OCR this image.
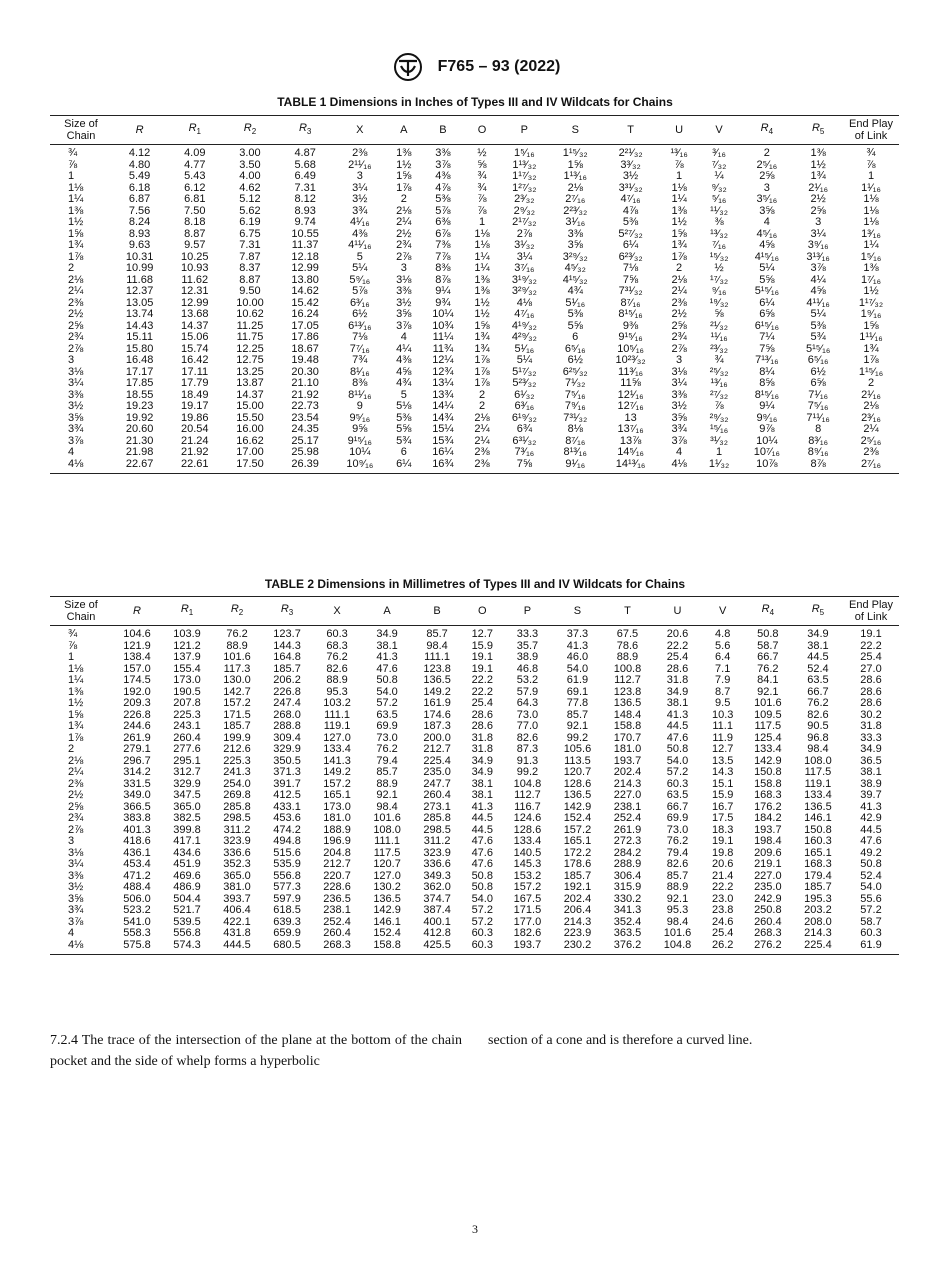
F765 – 93 (2022)
TABLE 1 Dimensions in Inches of Types III and IV Wildcats for Chains
Size of Chain	R	$R_1$	$R_2$	$R_3$	X	A	B	O	P	S	T	U	V	$R_4$	$R_5$	End Play of Link
¾	4.12	4.09	3.00	4.87	2⅜	1⅜	3⅜	½	1⁵⁄₁₆	1¹⁵⁄₃₂	2²¹⁄₃₂	¹³⁄₁₆	³⁄₁₆	2	1⅜	¾
⅞	4.80	4.77	3.50	5.68	2¹¹⁄₁₆	1½	3⅞	⅝	1¹³⁄₃₂	1⅝	3³⁄₃₂	⅞	⁷⁄₃₂	2⁵⁄₁₆	1½	⅞
1	5.49	5.43	4.00	6.49	3	1⅝	4⅜	¾	1¹⁷⁄₃₂	1¹³⁄₁₆	3½	1	¼	2⅝	1¾	1
1⅛	6.18	6.12	4.62	7.31	3¼	1⅞	4⅞	¾	1²⁷⁄₃₂	2⅛	3³¹⁄₃₂	1⅛	⁹⁄₃₂	3	2¹⁄₁₆	1¹⁄₁₆
1¼	6.87	6.81	5.12	8.12	3½	2	5⅜	⅞	2³⁄₃₂	2⁷⁄₁₆	4⁷⁄₁₆	1¼	⁵⁄₁₆	3⁵⁄₁₆	2½	1⅛
1⅜	7.56	7.50	5.62	8.93	3¾	2⅛	5⅞	⅞	2⁹⁄₃₂	2²³⁄₃₂	4⅞	1⅜	¹¹⁄₃₂	3⅝	2⅝	1⅛
1½	8.24	8.18	6.19	9.74	4¹⁄₁₆	2¼	6⅜	1	2¹⁷⁄₃₂	3¹⁄₁₆	5⅜	1½	⅜	4	3	1⅛
1⅝	8.93	8.87	6.75	10.55	4⅜	2½	6⅞	1⅛	2⅞	3⅜	5²⁷⁄₃₂	1⅝	¹³⁄₃₂	4⁵⁄₁₆	3¼	1³⁄₁₆
1¾	9.63	9.57	7.31	11.37	4¹¹⁄₁₆	2¾	7⅜	1⅛	3¹⁄₃₂	3⅝	6¼	1¾	⁷⁄₁₆	4⅝	3⁹⁄₁₆	1¼
1⅞	10.31	10.25	7.87	12.18	5	2⅞	7⅞	1¼	3¼	3²⁹⁄₃₂	6²³⁄₃₂	1⅞	¹⁵⁄₃₂	4¹⁵⁄₁₆	3¹³⁄₁₆	1⁵⁄₁₆
2	10.99	10.93	8.37	12.99	5¼	3	8⅜	1¼	3⁷⁄₁₆	4⁵⁄₃₂	7⅛	2	½	5¼	3⅞	1⅜
2⅛	11.68	11.62	8.87	13.80	5⁹⁄₁₆	3⅛	8⅞	1⅜	3¹⁹⁄₃₂	4¹⁵⁄₃₂	7⅝	2⅛	¹⁷⁄₃₂	5⅝	4¼	1⁷⁄₁₆
2¼	12.37	12.31	9.50	14.62	5⅞	3⅜	9¼	1⅜	3²⁹⁄₃₂	4¾	7³¹⁄₃₂	2¼	⁹⁄₁₆	5¹⁵⁄₁₆	4⅝	1½
2⅜	13.05	12.99	10.00	15.42	6³⁄₁₆	3½	9¾	1½	4⅛	5¹⁄₁₆	8⁷⁄₁₆	2⅜	¹⁹⁄₃₂	6¼	4¹¹⁄₁₆	1¹⁷⁄₃₂
2½	13.74	13.68	10.62	16.24	6½	3⅝	10¼	1½	4⁷⁄₁₆	5⅜	8¹⁵⁄₁₆	2½	⅝	6⅝	5¼	1⁹⁄₁₆
2⅝	14.43	14.37	11.25	17.05	6¹³⁄₁₆	3⅞	10¾	1⅝	4¹⁹⁄₃₂	5⅝	9⅜	2⅝	²¹⁄₃₂	6¹⁵⁄₁₆	5⅜	1⅝
2¾	15.11	15.06	11.75	17.86	7⅛	4	11¼	1¾	4²⁹⁄₃₂	6	9¹⁵⁄₁₆	2¾	¹¹⁄₁₆	7¼	5¾	1¹¹⁄₁₆
2⅞	15.80	15.74	12.25	18.67	7⁷⁄₁₆	4¼	11¾	1¾	5¹⁄₁₆	6⁵⁄₁₆	10⁵⁄₁₆	2⅞	²³⁄₃₂	7⅝	5¹⁵⁄₁₆	1¾
3	16.48	16.42	12.75	19.48	7¾	4⅜	12¼	1⅞	5¼	6½	10²³⁄₃₂	3	¾	7¹³⁄₁₆	6⁵⁄₁₆	1⅞
3⅛	17.17	17.11	13.25	20.30	8¹⁄₁₆	4⅝	12¾	1⅞	5¹⁷⁄₃₂	6²⁵⁄₃₂	11³⁄₁₆	3⅛	²⁵⁄₃₂	8¼	6½	1¹⁵⁄₁₆
3¼	17.85	17.79	13.87	21.10	8⅜	4¾	13¼	1⅞	5²³⁄₃₂	7¹⁄₃₂	11⅝	3¼	¹³⁄₁₆	8⅝	6⅝	2
3⅜	18.55	18.49	14.37	21.92	8¹¹⁄₁₆	5	13¾	2	6¹⁄₃₂	7⁵⁄₁₆	12¹⁄₁₆	3⅜	²⁷⁄₃₂	8¹⁵⁄₁₆	7¹⁄₁₆	2¹⁄₁₆
3½	19.23	19.17	15.00	22.73	9	5⅛	14¼	2	6³⁄₁₆	7⁹⁄₁₆	12⁷⁄₁₆	3½	⅞	9¼	7⁵⁄₁₆	2⅛
3⅝	19.92	19.86	15.50	23.54	9⁵⁄₁₆	5⅜	14¾	2⅛	6¹⁹⁄₃₂	7³¹⁄₃₂	13	3⅝	²⁹⁄₃₂	9⁹⁄₁₆	7¹¹⁄₁₆	2³⁄₁₆
3¾	20.60	20.54	16.00	24.35	9⅝	5⅝	15¼	2¼	6¾	8⅛	13⁷⁄₁₆	3¾	¹⁵⁄₁₆	9⅞	8	2¼
3⅞	21.30	21.24	16.62	25.17	9¹⁵⁄₁₆	5¾	15¾	2¼	6³¹⁄₃₂	8⁷⁄₁₆	13⅞	3⅞	³¹⁄₃₂	10¼	8³⁄₁₆	2⁵⁄₁₆
4	21.98	21.92	17.00	25.98	10¼	6	16¼	2⅜	7³⁄₁₆	8¹³⁄₁₆	14⁵⁄₁₆	4	1	10⁷⁄₁₆	8⁹⁄₁₆	2⅜
4⅛	22.67	22.61	17.50	26.39	10⁹⁄₁₆	6¼	16¾	2⅜	7⅝	9¹⁄₁₆	14¹³⁄₁₆	4⅛	1¹⁄₃₂	10⅞	8⅞	2⁷⁄₁₆
TABLE 2 Dimensions in Millimetres of Types III and IV Wildcats for Chains
Size of Chain	R	$R_1$	$R_2$	$R_3$	X	A	B	O	P	S	T	U	V	$R_4$	$R_5$	End Play of Link
¾	104.6	103.9	76.2	123.7	60.3	34.9	85.7	12.7	33.3	37.3	67.5	20.6	4.8	50.8	34.9	19.1
⅞	121.9	121.2	88.9	144.3	68.3	38.1	98.4	15.9	35.7	41.3	78.6	22.2	5.6	58.7	38.1	22.2
1	138.4	137.9	101.6	164.8	76.2	41.3	111.1	19.1	38.9	46.0	88.9	25.4	6.4	66.7	44.5	25.4
1⅛	157.0	155.4	117.3	185.7	82.6	47.6	123.8	19.1	46.8	54.0	100.8	28.6	7.1	76.2	52.4	27.0
1¼	174.5	173.0	130.0	206.2	88.9	50.8	136.5	22.2	53.2	61.9	112.7	31.8	7.9	84.1	63.5	28.6
1⅜	192.0	190.5	142.7	226.8	95.3	54.0	149.2	22.2	57.9	69.1	123.8	34.9	8.7	92.1	66.7	28.6
1½	209.3	207.8	157.2	247.4	103.2	57.2	161.9	25.4	64.3	77.8	136.5	38.1	9.5	101.6	76.2	28.6
1⅝	226.8	225.3	171.5	268.0	111.1	63.5	174.6	28.6	73.0	85.7	148.4	41.3	10.3	109.5	82.6	30.2
1¾	244.6	243.1	185.7	288.8	119.1	69.9	187.3	28.6	77.0	92.1	158.8	44.5	11.1	117.5	90.5	31.8
1⅞	261.9	260.4	199.9	309.4	127.0	73.0	200.0	31.8	82.6	99.2	170.7	47.6	11.9	125.4	96.8	33.3
2	279.1	277.6	212.6	329.9	133.4	76.2	212.7	31.8	87.3	105.6	181.0	50.8	12.7	133.4	98.4	34.9
2⅛	296.7	295.1	225.3	350.5	141.3	79.4	225.4	34.9	91.3	113.5	193.7	54.0	13.5	142.9	108.0	36.5
2¼	314.2	312.7	241.3	371.3	149.2	85.7	235.0	34.9	99.2	120.7	202.4	57.2	14.3	150.8	117.5	38.1
2⅜	331.5	329.9	254.0	391.7	157.2	88.9	247.7	38.1	104.8	128.6	214.3	60.3	15.1	158.8	119.1	38.9
2½	349.0	347.5	269.8	412.5	165.1	92.1	260.4	38.1	112.7	136.5	227.0	63.5	15.9	168.3	133.4	39.7
2⅝	366.5	365.0	285.8	433.1	173.0	98.4	273.1	41.3	116.7	142.9	238.1	66.7	16.7	176.2	136.5	41.3
2¾	383.8	382.5	298.5	453.6	181.0	101.6	285.8	44.5	124.6	152.4	252.4	69.9	17.5	184.2	146.1	42.9
2⅞	401.3	399.8	311.2	474.2	188.9	108.0	298.5	44.5	128.6	157.2	261.9	73.0	18.3	193.7	150.8	44.5
3	418.6	417.1	323.9	494.8	196.9	111.1	311.2	47.6	133.4	165.1	272.3	76.2	19.1	198.4	160.3	47.6
3⅛	436.1	434.6	336.6	515.6	204.8	117.5	323.9	47.6	140.5	172.2	284.2	79.4	19.8	209.6	165.1	49.2
3¼	453.4	451.9	352.3	535.9	212.7	120.7	336.6	47.6	145.3	178.6	288.9	82.6	20.6	219.1	168.3	50.8
3⅜	471.2	469.6	365.0	556.8	220.7	127.0	349.3	50.8	153.2	185.7	306.4	85.7	21.4	227.0	179.4	52.4
3½	488.4	486.9	381.0	577.3	228.6	130.2	362.0	50.8	157.2	192.1	315.9	88.9	22.2	235.0	185.7	54.0
3⅝	506.0	504.4	393.7	597.9	236.5	136.5	374.7	54.0	167.5	202.4	330.2	92.1	23.0	242.9	195.3	55.6
3¾	523.2	521.7	406.4	618.5	238.1	142.9	387.4	57.2	171.5	206.4	341.3	95.3	23.8	250.8	203.2	57.2
3⅞	541.0	539.5	422.1	639.3	252.4	146.1	400.1	57.2	177.0	214.3	352.4	98.4	24.6	260.4	208.0	58.7
4	558.3	556.8	431.8	659.9	260.4	152.4	412.8	60.3	182.6	223.9	363.5	101.6	25.4	268.3	214.3	60.3
4⅛	575.8	574.3	444.5	680.5	268.3	158.8	425.5	60.3	193.7	230.2	376.2	104.8	26.2	276.2	225.4	61.9
7.2.4 The trace of the intersection of the plane at the bottom of the chain pocket and the side of whelp forms a hyperbolic
section of a cone and is therefore a curved line.
3
